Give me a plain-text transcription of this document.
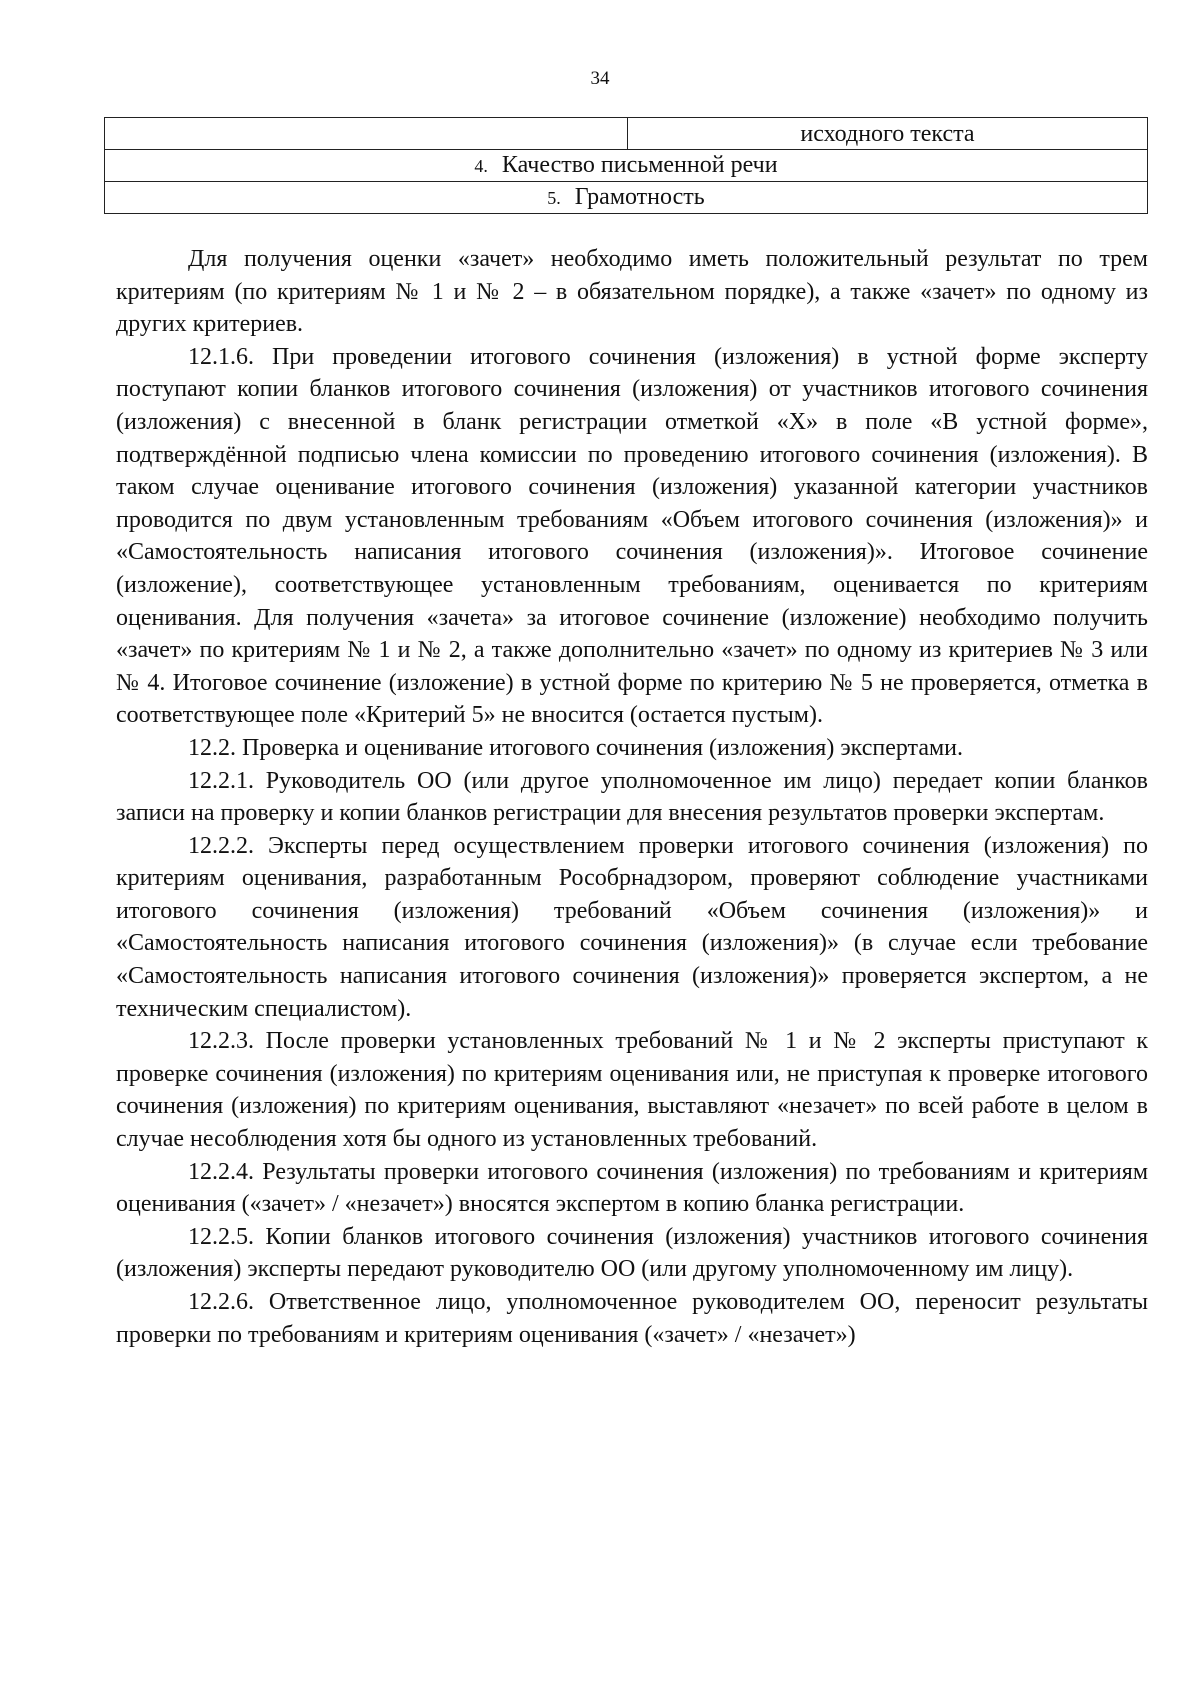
34
	исходного текста
4. Качество письменной речи
5. Грамотность

Для получения оценки «зачет» необходимо иметь положительный результат по трем критериям (по критериям № 1 и № 2 – в обязательном порядке), а также «зачет» по одному из других критериев.

12.1.6. При проведении итогового сочинения (изложения) в устной форме эксперту поступают копии бланков итогового сочинения (изложения) от участников итогового сочинения (изложения) с внесенной в бланк регистрации отметкой «Х» в поле «В устной форме», подтверждённой подписью члена комиссии по проведению итогового сочинения (изложения). В таком случае оценивание итогового сочинения (изложения) указанной категории участников проводится по двум установленным требованиям «Объем итогового сочинения (изложения)» и «Самостоятельность написания итогового сочинения (изложения)». Итоговое сочинение (изложение), соответствующее установленным требованиям, оценивается по критериям оценивания. Для получения «зачета» за итоговое сочинение (изложение) необходимо получить «зачет» по критериям № 1 и № 2, а также дополнительно «зачет» по одному из критериев № 3 или № 4. Итоговое сочинение (изложение) в устной форме по критерию № 5 не проверяется, отметка в соответствующее поле «Критерий 5» не вносится (остается пустым).

12.2. Проверка и оценивание итогового сочинения (изложения) экспертами.

12.2.1. Руководитель ОО (или другое уполномоченное им лицо) передает копии бланков записи на проверку и копии бланков регистрации для внесения результатов проверки экспертам.

12.2.2. Эксперты перед осуществлением проверки итогового сочинения (изложения) по критериям оценивания, разработанным Рособрнадзором, проверяют соблюдение участниками итогового сочинения (изложения) требований «Объем сочинения (изложения)» и «Самостоятельность написания итогового сочинения (изложения)» (в случае если требование «Самостоятельность написания итогового сочинения (изложения)» проверяется экспертом, а не техническим специалистом).

12.2.3. После проверки установленных требований № 1 и № 2 эксперты приступают к проверке сочинения (изложения) по критериям оценивания или, не приступая к проверке итогового сочинения (изложения) по критериям оценивания, выставляют «незачет» по всей работе в целом в случае несоблюдения хотя бы одного из установленных требований.

12.2.4. Результаты проверки итогового сочинения (изложения) по требованиям и критериям оценивания («зачет» / «незачет») вносятся экспертом в копию бланка регистрации.

12.2.5. Копии бланков итогового сочинения (изложения) участников итогового сочинения (изложения) эксперты передают руководителю ОО (или другому уполномоченному им лицу).

12.2.6. Ответственное лицо, уполномоченное руководителем ОО, переносит результаты проверки по требованиям и критериям оценивания («зачет» / «незачет»)
